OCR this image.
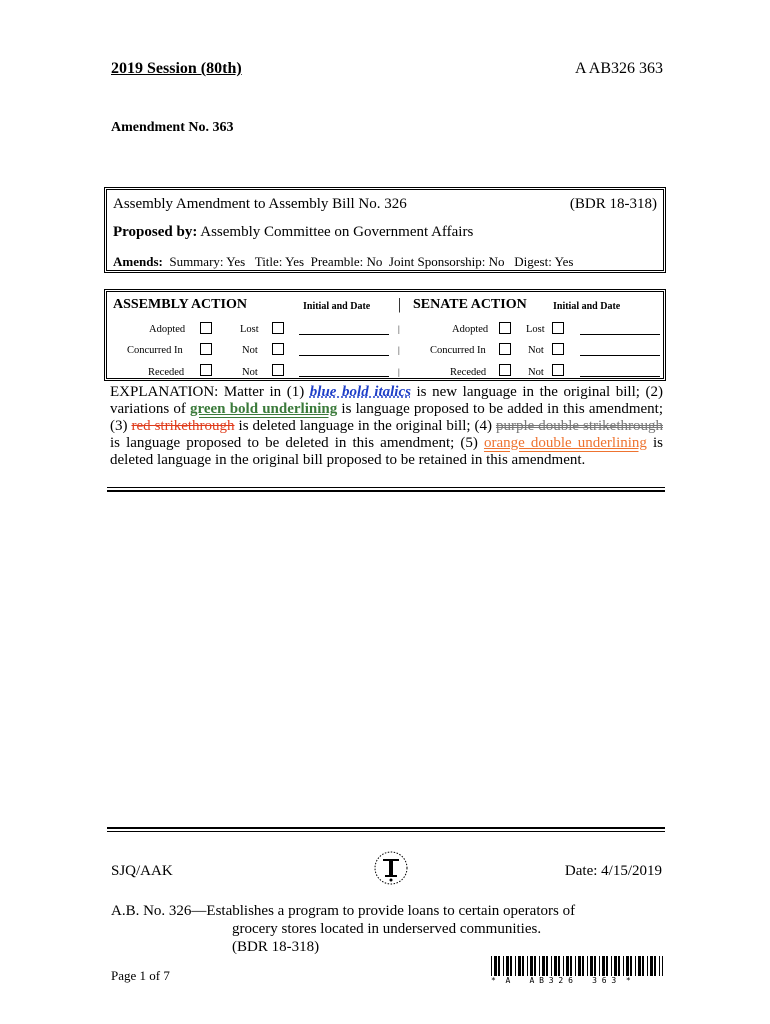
2019 Session (80th)	A AB326 363
Amendment No. 363
Assembly Amendment to Assembly Bill No. 326	(BDR 18-318)
Proposed by: Assembly Committee on Government Affairs
Amends: Summary: Yes   Title: Yes  Preamble: No  Joint Sponsorship: No   Digest: Yes
ASSEMBLY ACTION	Initial and Date | SENATE ACTION	Initial and Date
Adopted	Lost	|	Adopted	Lost
Concurred In	Not	|	Concurred In	Not
Receded	Not	|	Receded	Not
EXPLANATION: Matter in (1) blue bold italics is new language in the original bill; (2) variations of green bold underlining is language proposed to be added in this amendment; (3) red strikethrough is deleted language in the original bill; (4) purple double strikethrough is language proposed to be deleted in this amendment; (5) orange double underlining is deleted language in the original bill proposed to be retained in this amendment.
SJQ/AAK	Date: 4/15/2019
A.B. No. 326—Establishes a program to provide loans to certain operators of
grocery stores located in underserved communities.
(BDR 18-318)
Page 1 of 7	*  A    A B 3 2 6    3 6 3  *
